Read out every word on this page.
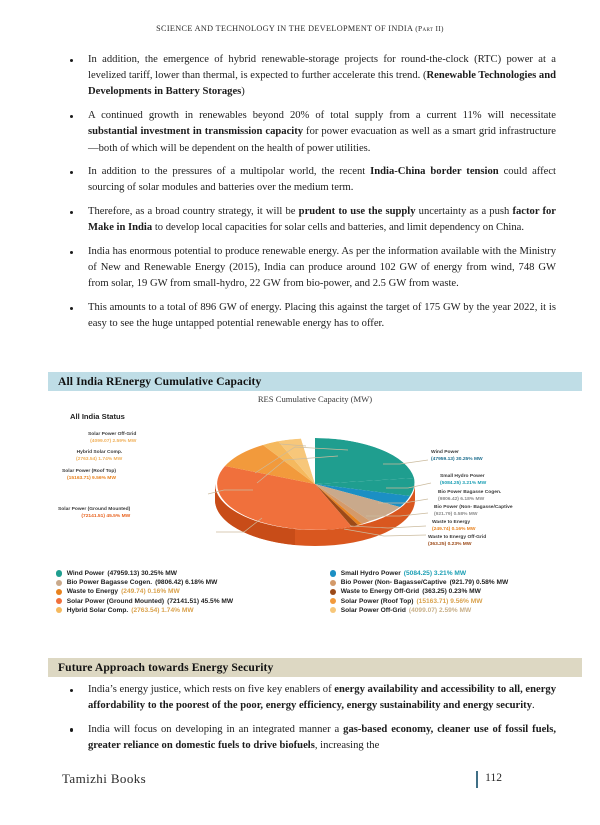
SCIENCE AND TECHNOLOGY IN THE DEVELOPMENT OF INDIA (Part II)
In addition, the emergence of hybrid renewable-storage projects for round-the-clock (RTC) power at a levelized tariff, lower than thermal, is expected to further accelerate this trend. (Renewable Technologies and Developments in Battery Storages)
A continued growth in renewables beyond 20% of total supply from a current 11% will necessitate substantial investment in transmission capacity for power evacuation as well as a smart grid infrastructure—both of which will be dependent on the health of power utilities.
In addition to the pressures of a multipolar world, the recent India-China border tension could affect sourcing of solar modules and batteries over the medium term.
Therefore, as a broad country strategy, it will be prudent to use the supply uncertainty as a push factor for Make in India to develop local capacities for solar cells and batteries, and limit dependency on China.
India has enormous potential to produce renewable energy. As per the information available with the Ministry of New and Renewable Energy (2015), India can produce around 102 GW of energy from wind, 748 GW from solar, 19 GW from small-hydro, 22 GW from bio-power, and 2.5 GW from waste.
This amounts to a total of 896 GW of energy. Placing this against the target of 175 GW by the year 2022, it is easy to see the huge untapped potential renewable energy has to offer.
All India REnergy Cumulative Capacity
RES Cumulative Capacity (MW)
All India Status
Solar Power Off-Grid
(4099.07) 2.59% MW
Hybrid Solar Comp.
(2763.54) 1.74% MW
Solar Power (Roof Top)
(15163.71) 9.56% MW
Solar Power (Ground Mounted)
(72141.51) 45.5% MW
Wind Power
(47959.13) 30.25% MW
Small Hydro Power
(5084.25) 3.21% MW
Bio Power Bagasse Cogen.
(9806.42) 6.18% MW
Bio Power (Non- Bagasse/Captive
(921.79) 0.58% MW
Waste to Energy
(249.74) 0.16% MW
Waste to Energy Off-Grid
(363.25) 0.23% MW
Wind Power (47959.13) 30.25% MW	Small Hydro Power (5084.25) 3.21% MW
Bio Power Bagasse Cogen. (9806.42) 6.18% MW	Bio Power (Non- Bagasse/Captive (921.79) 0.58% MW
Waste to Energy (249.74) 0.16% MW	Waste to Energy Off-Grid (363.25) 0.23% MW
Solar Power (Ground Mounted) (72141.51) 45.5% MW	Solar Power (Roof Top) (15163.71) 9.56% MW
Hybrid Solar Comp. (2763.54) 1.74% MW	Solar Power Off-Grid (4099.07) 2.59% MW
Future Approach towards Energy Security
India’s energy justice, which rests on five key enablers of energy availability and accessibility to all, energy affordability to the poorest of the poor, energy efficiency, energy sustainability and energy security.
India will focus on developing in an integrated manner a gas-based economy, cleaner use of fossil fuels, greater reliance on domestic fuels to drive biofuels, increasing the
Tamizhi Books	112
